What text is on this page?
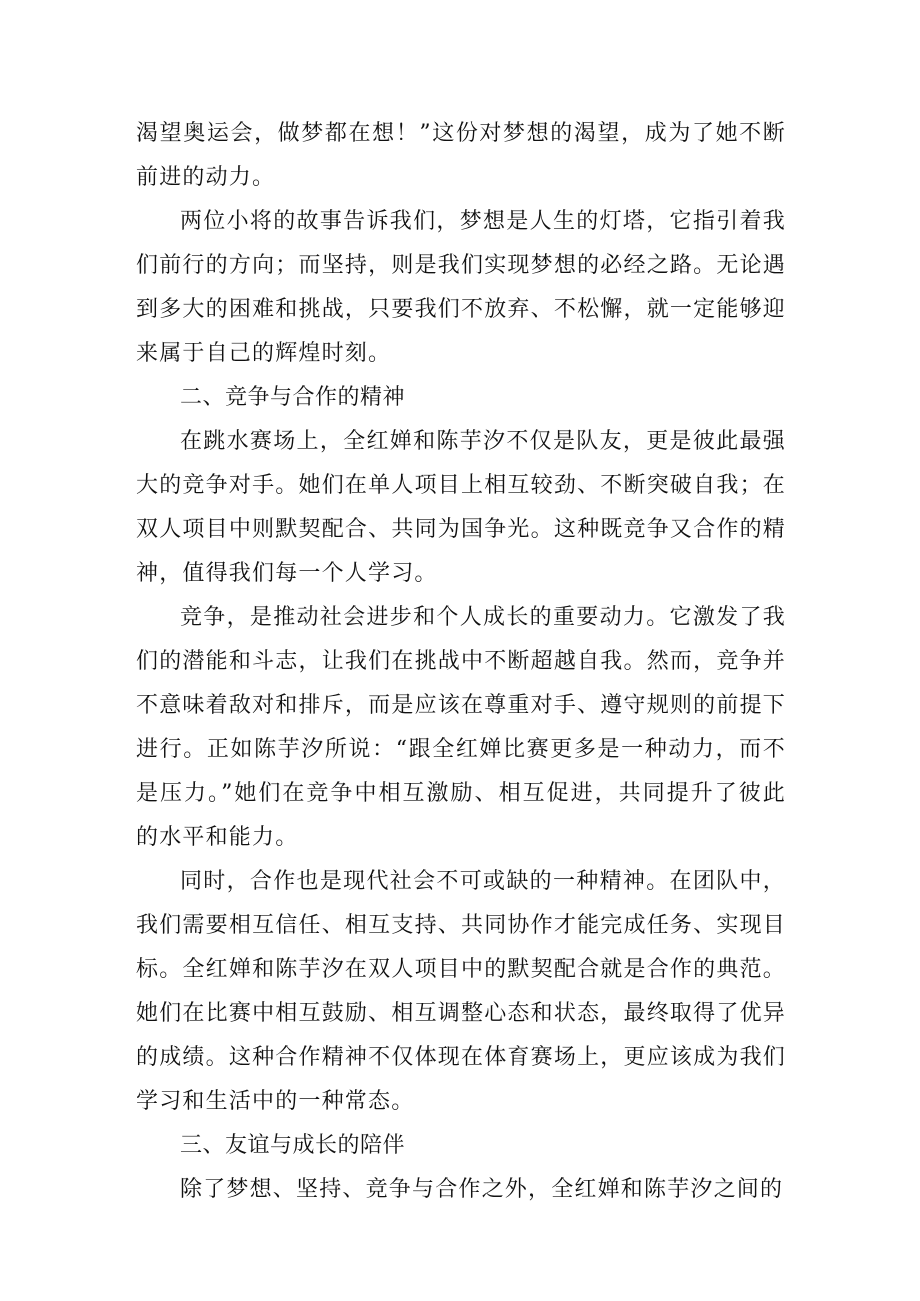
渴望奥运会，做梦都在想！”这份对梦想的渴望，成为了她不断前进的动力。

两位小将的故事告诉我们，梦想是人生的灯塔，它指引着我们前行的方向；而坚持，则是我们实现梦想的必经之路。无论遇到多大的困难和挑战，只要我们不放弃、不松懈，就一定能够迎来属于自己的辉煌时刻。

二、竞争与合作的精神

在跳水赛场上，全红婵和陈芋汐不仅是队友，更是彼此最强大的竞争对手。她们在单人项目上相互较劲、不断突破自我；在双人项目中则默契配合、共同为国争光。这种既竞争又合作的精神，值得我们每一个人学习。

竞争，是推动社会进步和个人成长的重要动力。它激发了我们的潜能和斗志，让我们在挑战中不断超越自我。然而，竞争并不意味着敌对和排斥，而是应该在尊重对手、遵守规则的前提下进行。正如陈芋汐所说：“跟全红婵比赛更多是一种动力，而不是压力。”她们在竞争中相互激励、相互促进，共同提升了彼此的水平和能力。

同时，合作也是现代社会不可或缺的一种精神。在团队中，我们需要相互信任、相互支持、共同协作才能完成任务、实现目标。全红婵和陈芋汐在双人项目中的默契配合就是合作的典范。她们在比赛中相互鼓励、相互调整心态和状态，最终取得了优异的成绩。这种合作精神不仅体现在体育赛场上，更应该成为我们学习和生活中的一种常态。

三、友谊与成长的陪伴

除了梦想、坚持、竞争与合作之外，全红婵和陈芋汐之间的
